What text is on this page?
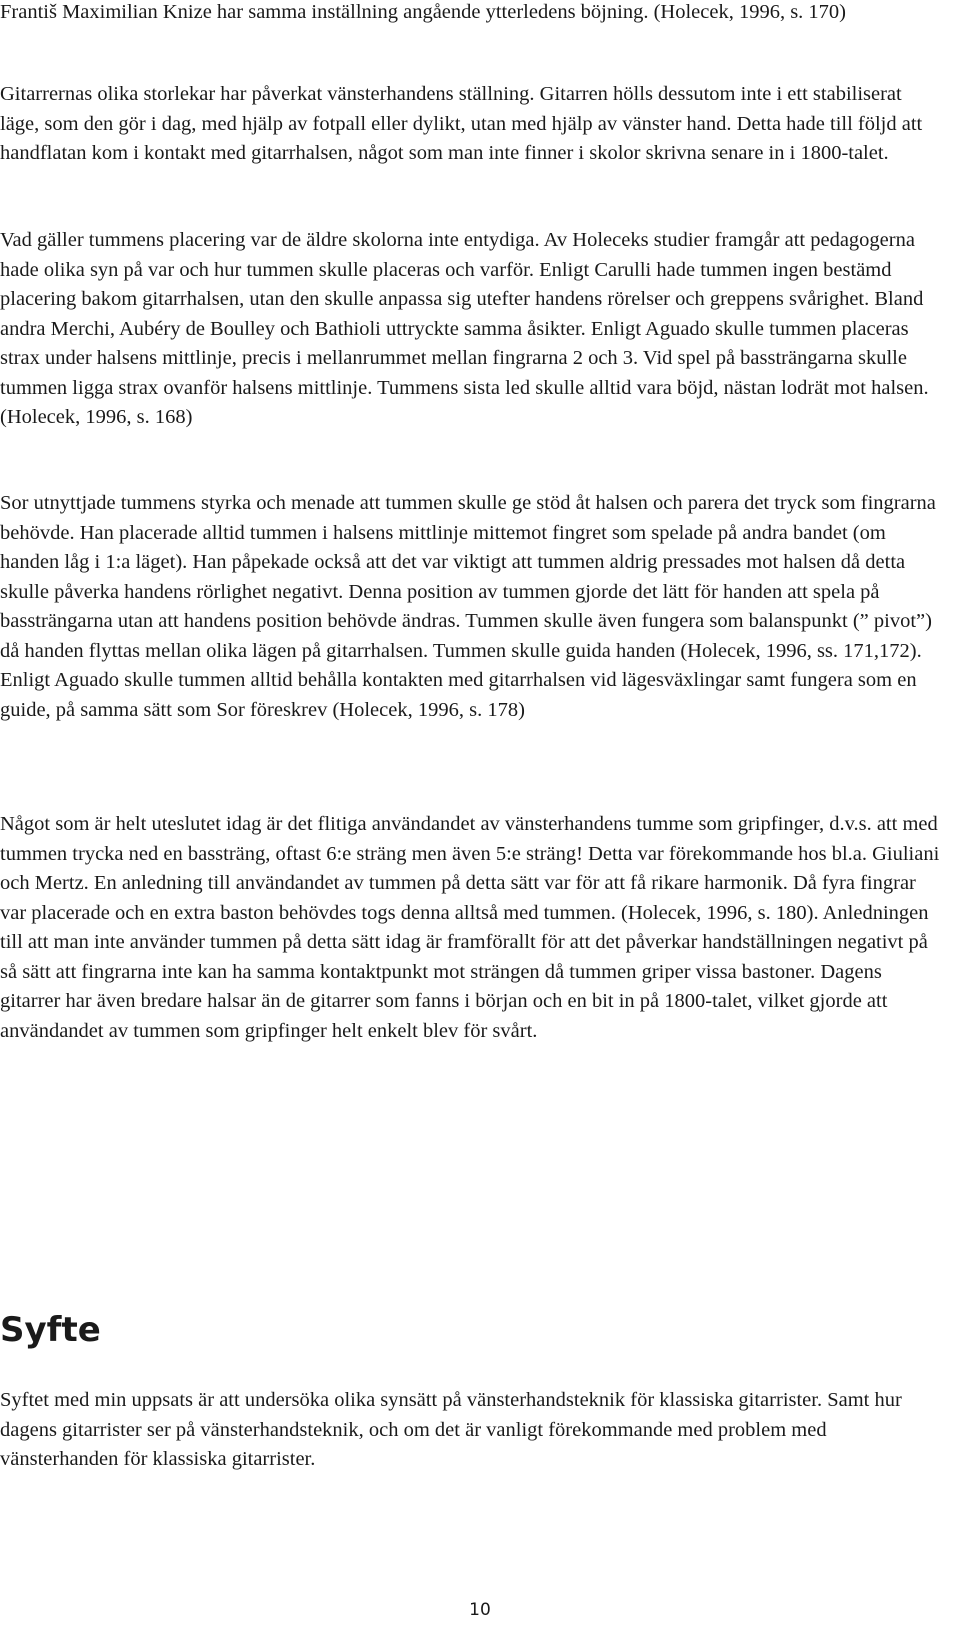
Františ Maximilian Knize har samma inställning angående ytterledens böjning. (Holecek, 1996, s. 170)

Gitarrernas olika storlekar har påverkat vänsterhandens ställning. Gitarren hölls dessutom inte i ett stabiliserat läge, som den gör i dag, med hjälp av fotpall eller dylikt, utan med hjälp av vänster hand. Detta hade till följd att handflatan kom i kontakt med gitarrhalsen, något som man inte finner i skolor skrivna senare in i 1800-talet.

Vad gäller tummens placering var de äldre skolorna inte entydiga. Av Holeceks studier framgår att pedagogerna hade olika syn på var och hur tummen skulle placeras och varför. Enligt Carulli hade tummen ingen bestämd placering bakom gitarrhalsen, utan den skulle anpassa sig utefter handens rörelser och greppens svårighet. Bland andra Merchi, Aubéry de Boulley och Bathioli uttryckte samma åsikter. Enligt Aguado skulle tummen placeras strax under halsens mittlinje, precis i mellanrummet mellan fingrarna 2 och 3. Vid spel på bassträngarna skulle tummen ligga strax ovanför halsens mittlinje. Tummens sista led skulle alltid vara böjd, nästan lodrät mot halsen. (Holecek, 1996, s. 168)

Sor utnyttjade tummens styrka och menade att tummen skulle ge stöd åt halsen och parera det tryck som fingrarna behövde. Han placerade alltid tummen i halsens mittlinje mittemot fingret som spelade på andra bandet (om handen låg i 1:a läget). Han påpekade också att det var viktigt att tummen aldrig pressades mot halsen då detta skulle påverka handens rörlighet negativt. Denna position av tummen gjorde det lätt för handen att spela på bassträngarna utan att handens position behövde ändras. Tummen skulle även fungera som balanspunkt (” pivot”) då handen flyttas mellan olika lägen på gitarrhalsen. Tummen skulle guida handen (Holecek, 1996, ss. 171,172). Enligt Aguado skulle tummen alltid behålla kontakten med gitarrhalsen vid lägesväxlingar samt fungera som en guide, på samma sätt som Sor föreskrev (Holecek, 1996, s. 178)

Något som är helt uteslutet idag är det flitiga användandet av vänsterhandens tumme som gripfinger, d.v.s. att med tummen trycka ned en bassträng, oftast 6:e sträng men även 5:e sträng! Detta var förekommande hos bl.a. Giuliani och Mertz. En anledning till användandet av tummen på detta sätt var för att få rikare harmonik. Då fyra fingrar var placerade och en extra baston behövdes togs denna alltså med tummen. (Holecek, 1996, s. 180). Anledningen till att man inte använder tummen på detta sätt idag är framförallt för att det påverkar handställningen negativt på så sätt att fingrarna inte kan ha samma kontaktpunkt mot strängen då tummen griper vissa bastoner. Dagens gitarrer har även bredare halsar än de gitarrer som fanns i början och en bit in på 1800-talet, vilket gjorde att användandet av tummen som gripfinger helt enkelt blev för svårt.

Syfte

Syftet med min uppsats är att undersöka olika synsätt på vänsterhandsteknik för klassiska gitarrister. Samt hur dagens gitarrister ser på vänsterhandsteknik, och om det är vanligt förekommande med problem med vänsterhanden för klassiska gitarrister.

10
